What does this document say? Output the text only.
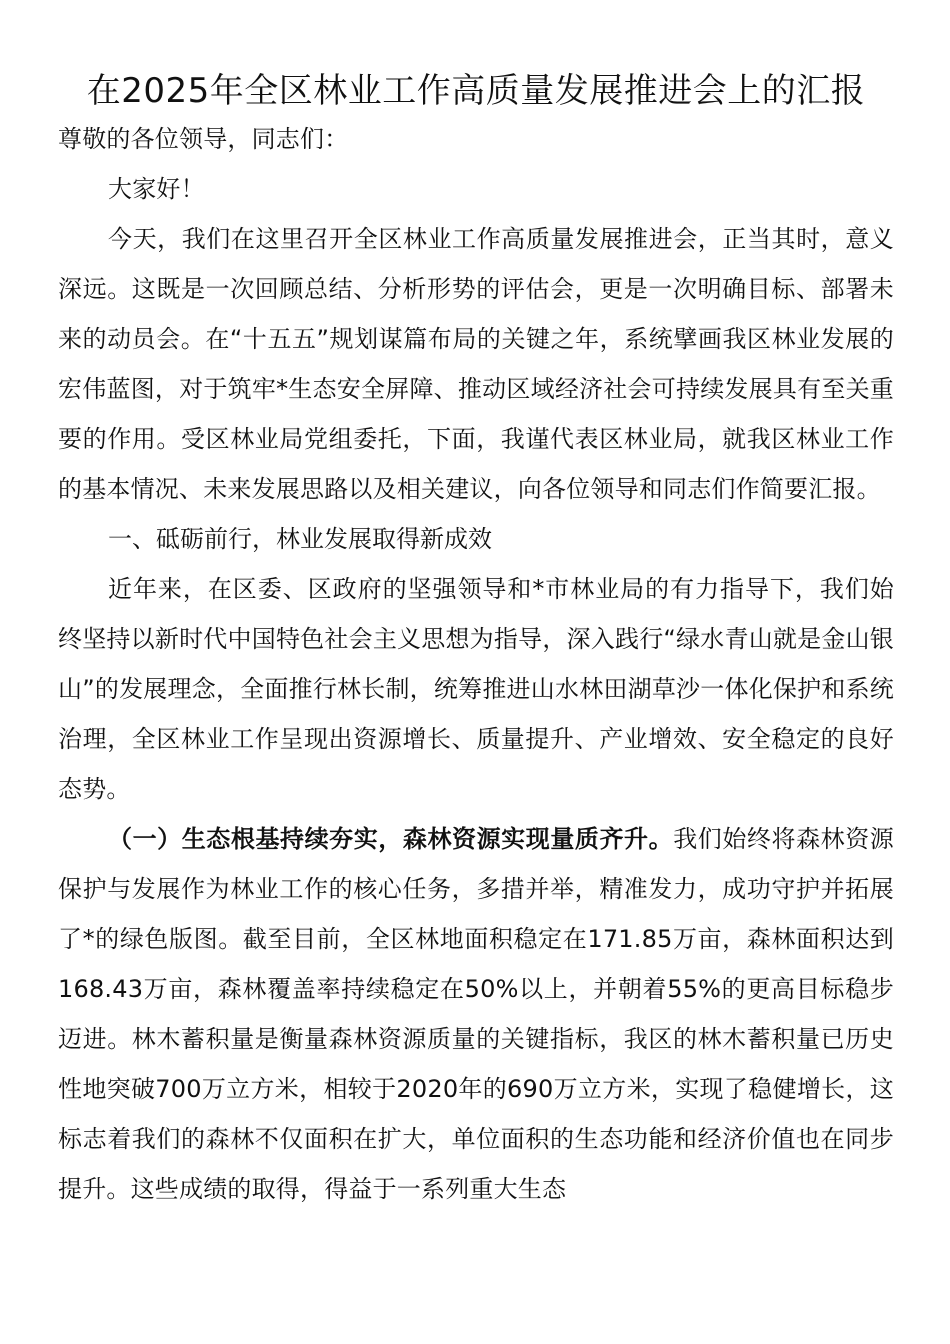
在2025年全区林业工作高质量发展推进会上的汇报

尊敬的各位领导，同志们：

大家好！

今天，我们在这里召开全区林业工作高质量发展推进会，正当其时，意义深远。这既是一次回顾总结、分析形势的评估会，更是一次明确目标、部署未来的动员会。在“十五五”规划谋篇布局的关键之年，系统擘画我区林业发展的宏伟蓝图，对于筑牢*生态安全屏障、推动区域经济社会可持续发展具有至关重要的作用。受区林业局党组委托，下面，我谨代表区林业局，就我区林业工作的基本情况、未来发展思路以及相关建议，向各位领导和同志们作简要汇报。

一、砥砺前行，林业发展取得新成效

近年来，在区委、区政府的坚强领导和*市林业局的有力指导下，我们始终坚持以新时代中国特色社会主义思想为指导，深入践行“绿水青山就是金山银山”的发展理念，全面推行林长制，统筹推进山水林田湖草沙一体化保护和系统治理，全区林业工作呈现出资源增长、质量提升、产业增效、安全稳定的良好态势。

（一）生态根基持续夯实，森林资源实现量质齐升。我们始终将森林资源保护与发展作为林业工作的核心任务，多措并举，精准发力，成功守护并拓展了*的绿色版图。截至目前，全区林地面积稳定在171.85万亩，森林面积达到168.43万亩，森林覆盖率持续稳定在50%以上，并朝着55%的更高目标稳步迈进。林木蓄积量是衡量森林资源质量的关键指标，我区的林木蓄积量已历史性地突破700万立方米，相较于2020年的690万立方米，实现了稳健增长，这标志着我们的森林不仅面积在扩大，单位面积的生态功能和经济价值也在同步提升。这些成绩的取得，得益于一系列重大生态
